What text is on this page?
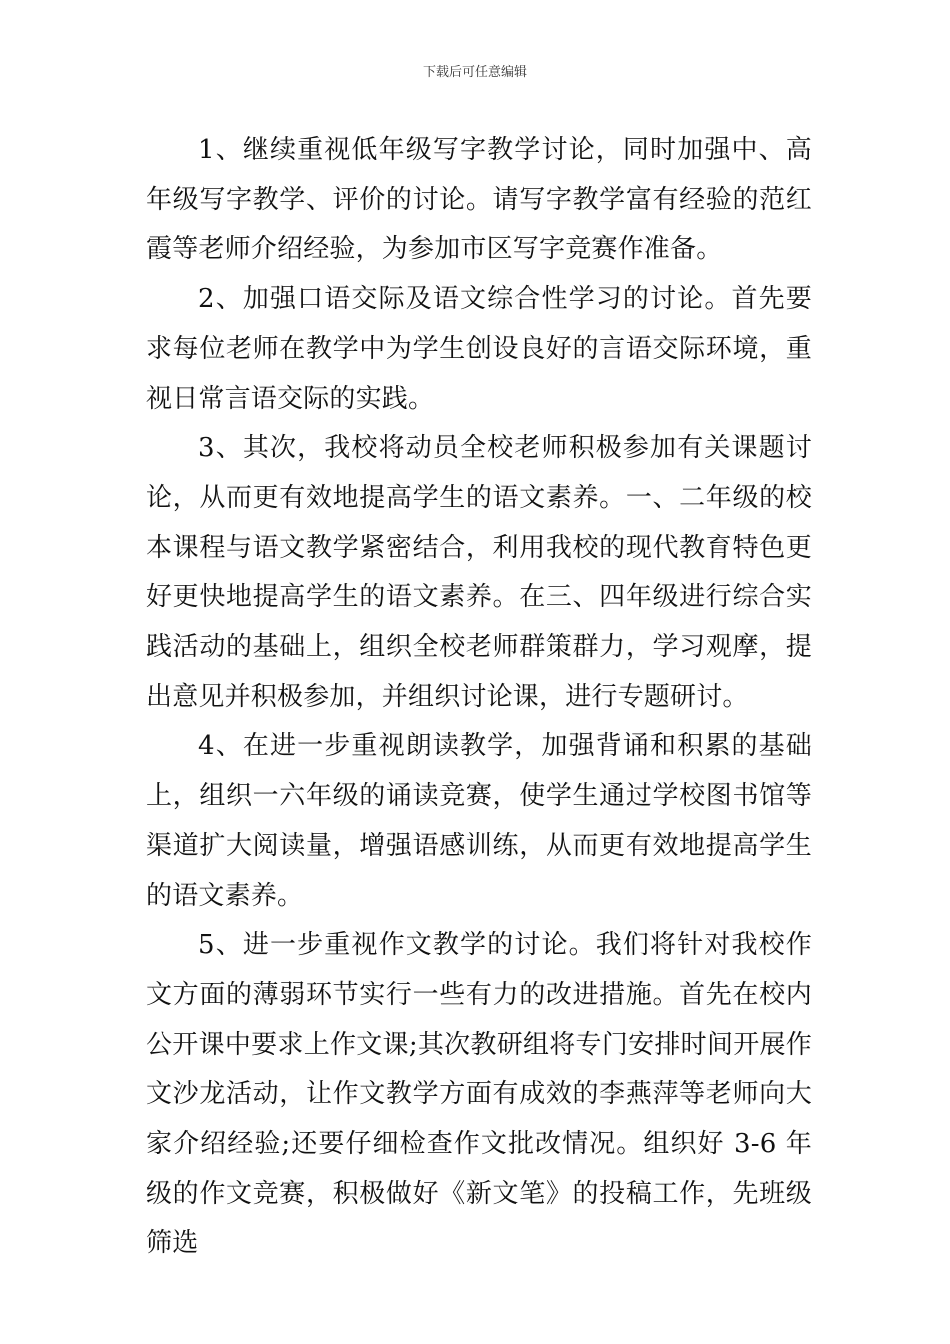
下载后可任意编辑

1、继续重视低年级写字教学讨论，同时加强中、高年级写字教学、评价的讨论。请写字教学富有经验的范红霞等老师介绍经验，为参加市区写字竞赛作准备。

2、加强口语交际及语文综合性学习的讨论。首先要求每位老师在教学中为学生创设良好的言语交际环境，重视日常言语交际的实践。

3、其次，我校将动员全校老师积极参加有关课题讨论，从而更有效地提高学生的语文素养。一、二年级的校本课程与语文教学紧密结合，利用我校的现代教育特色更好更快地提高学生的语文素养。在三、四年级进行综合实践活动的基础上，组织全校老师群策群力，学习观摩，提出意见并积极参加，并组织讨论课，进行专题研讨。

4、在进一步重视朗读教学，加强背诵和积累的基础上，组织一六年级的诵读竞赛，使学生通过学校图书馆等渠道扩大阅读量，增强语感训练，从而更有效地提高学生的语文素养。

5、进一步重视作文教学的讨论。我们将针对我校作文方面的薄弱环节实行一些有力的改进措施。首先在校内公开课中要求上作文课;其次教研组将专门安排时间开展作文沙龙活动，让作文教学方面有成效的李燕萍等老师向大家介绍经验;还要仔细检查作文批改情况。组织好 3-6 年级的作文竞赛，积极做好《新文笔》的投稿工作，先班级筛选
